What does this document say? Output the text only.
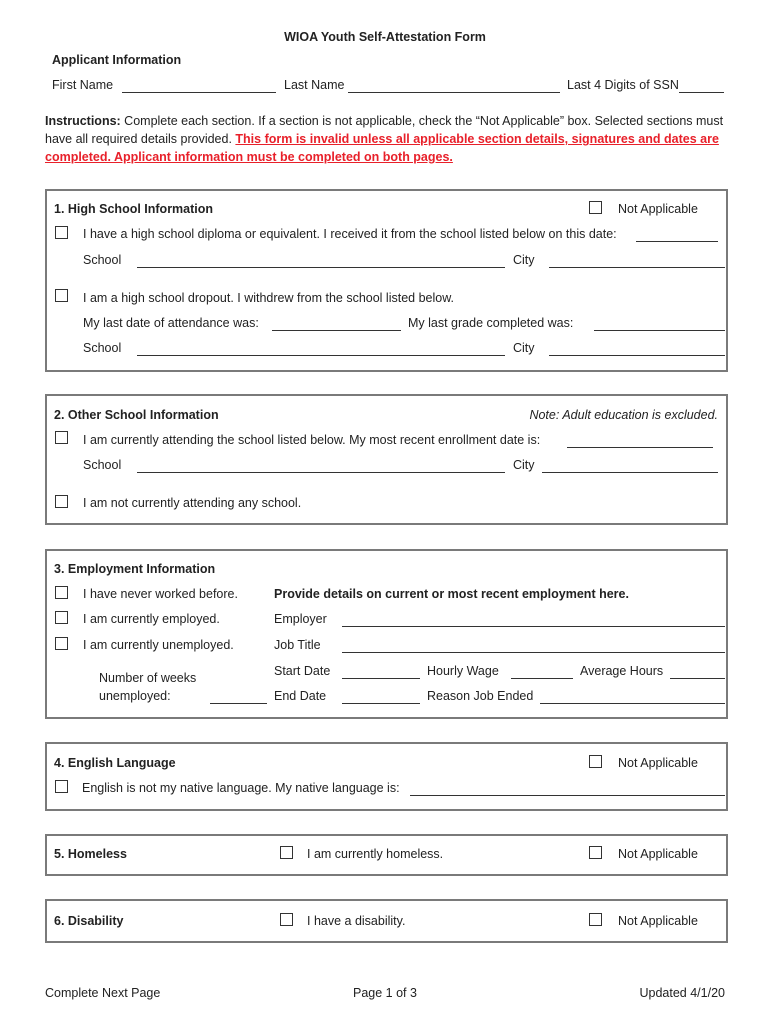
WIOA Youth Self-Attestation Form
Applicant Information
First Name	Last Name	Last 4 Digits of SSN
Instructions: Complete each section. If a section is not applicable, check the “Not Applicable” box. Selected sections must have all required details provided. This form is invalid unless all applicable section details, signatures and dates are completed. Applicant information must be completed on both pages.
1. High School Information	Not Applicable
I have a high school diploma or equivalent. I received it from the school listed below on this date:
School	City
I am a high school dropout. I withdrew from the school listed below.
My last date of attendance was:	My last grade completed was:
School	City
2. Other School Information	Note: Adult education is excluded.
I am currently attending the school listed below. My most recent enrollment date is:
School	City
I am not currently attending any school.
3. Employment Information
I have never worked before.	Provide details on current or most recent employment here.
I am currently employed.	Employer
I am currently unemployed.	Job Title
Number of weeks
unemployed:
Start Date	Hourly Wage	Average Hours
End Date	Reason Job Ended
4. English Language	Not Applicable
English is not my native language. My native language is:
5. Homeless	I am currently homeless.	Not Applicable
6. Disability	I have a disability.	Not Applicable
Complete Next Page	Page 1 of 3	Updated 4/1/20
